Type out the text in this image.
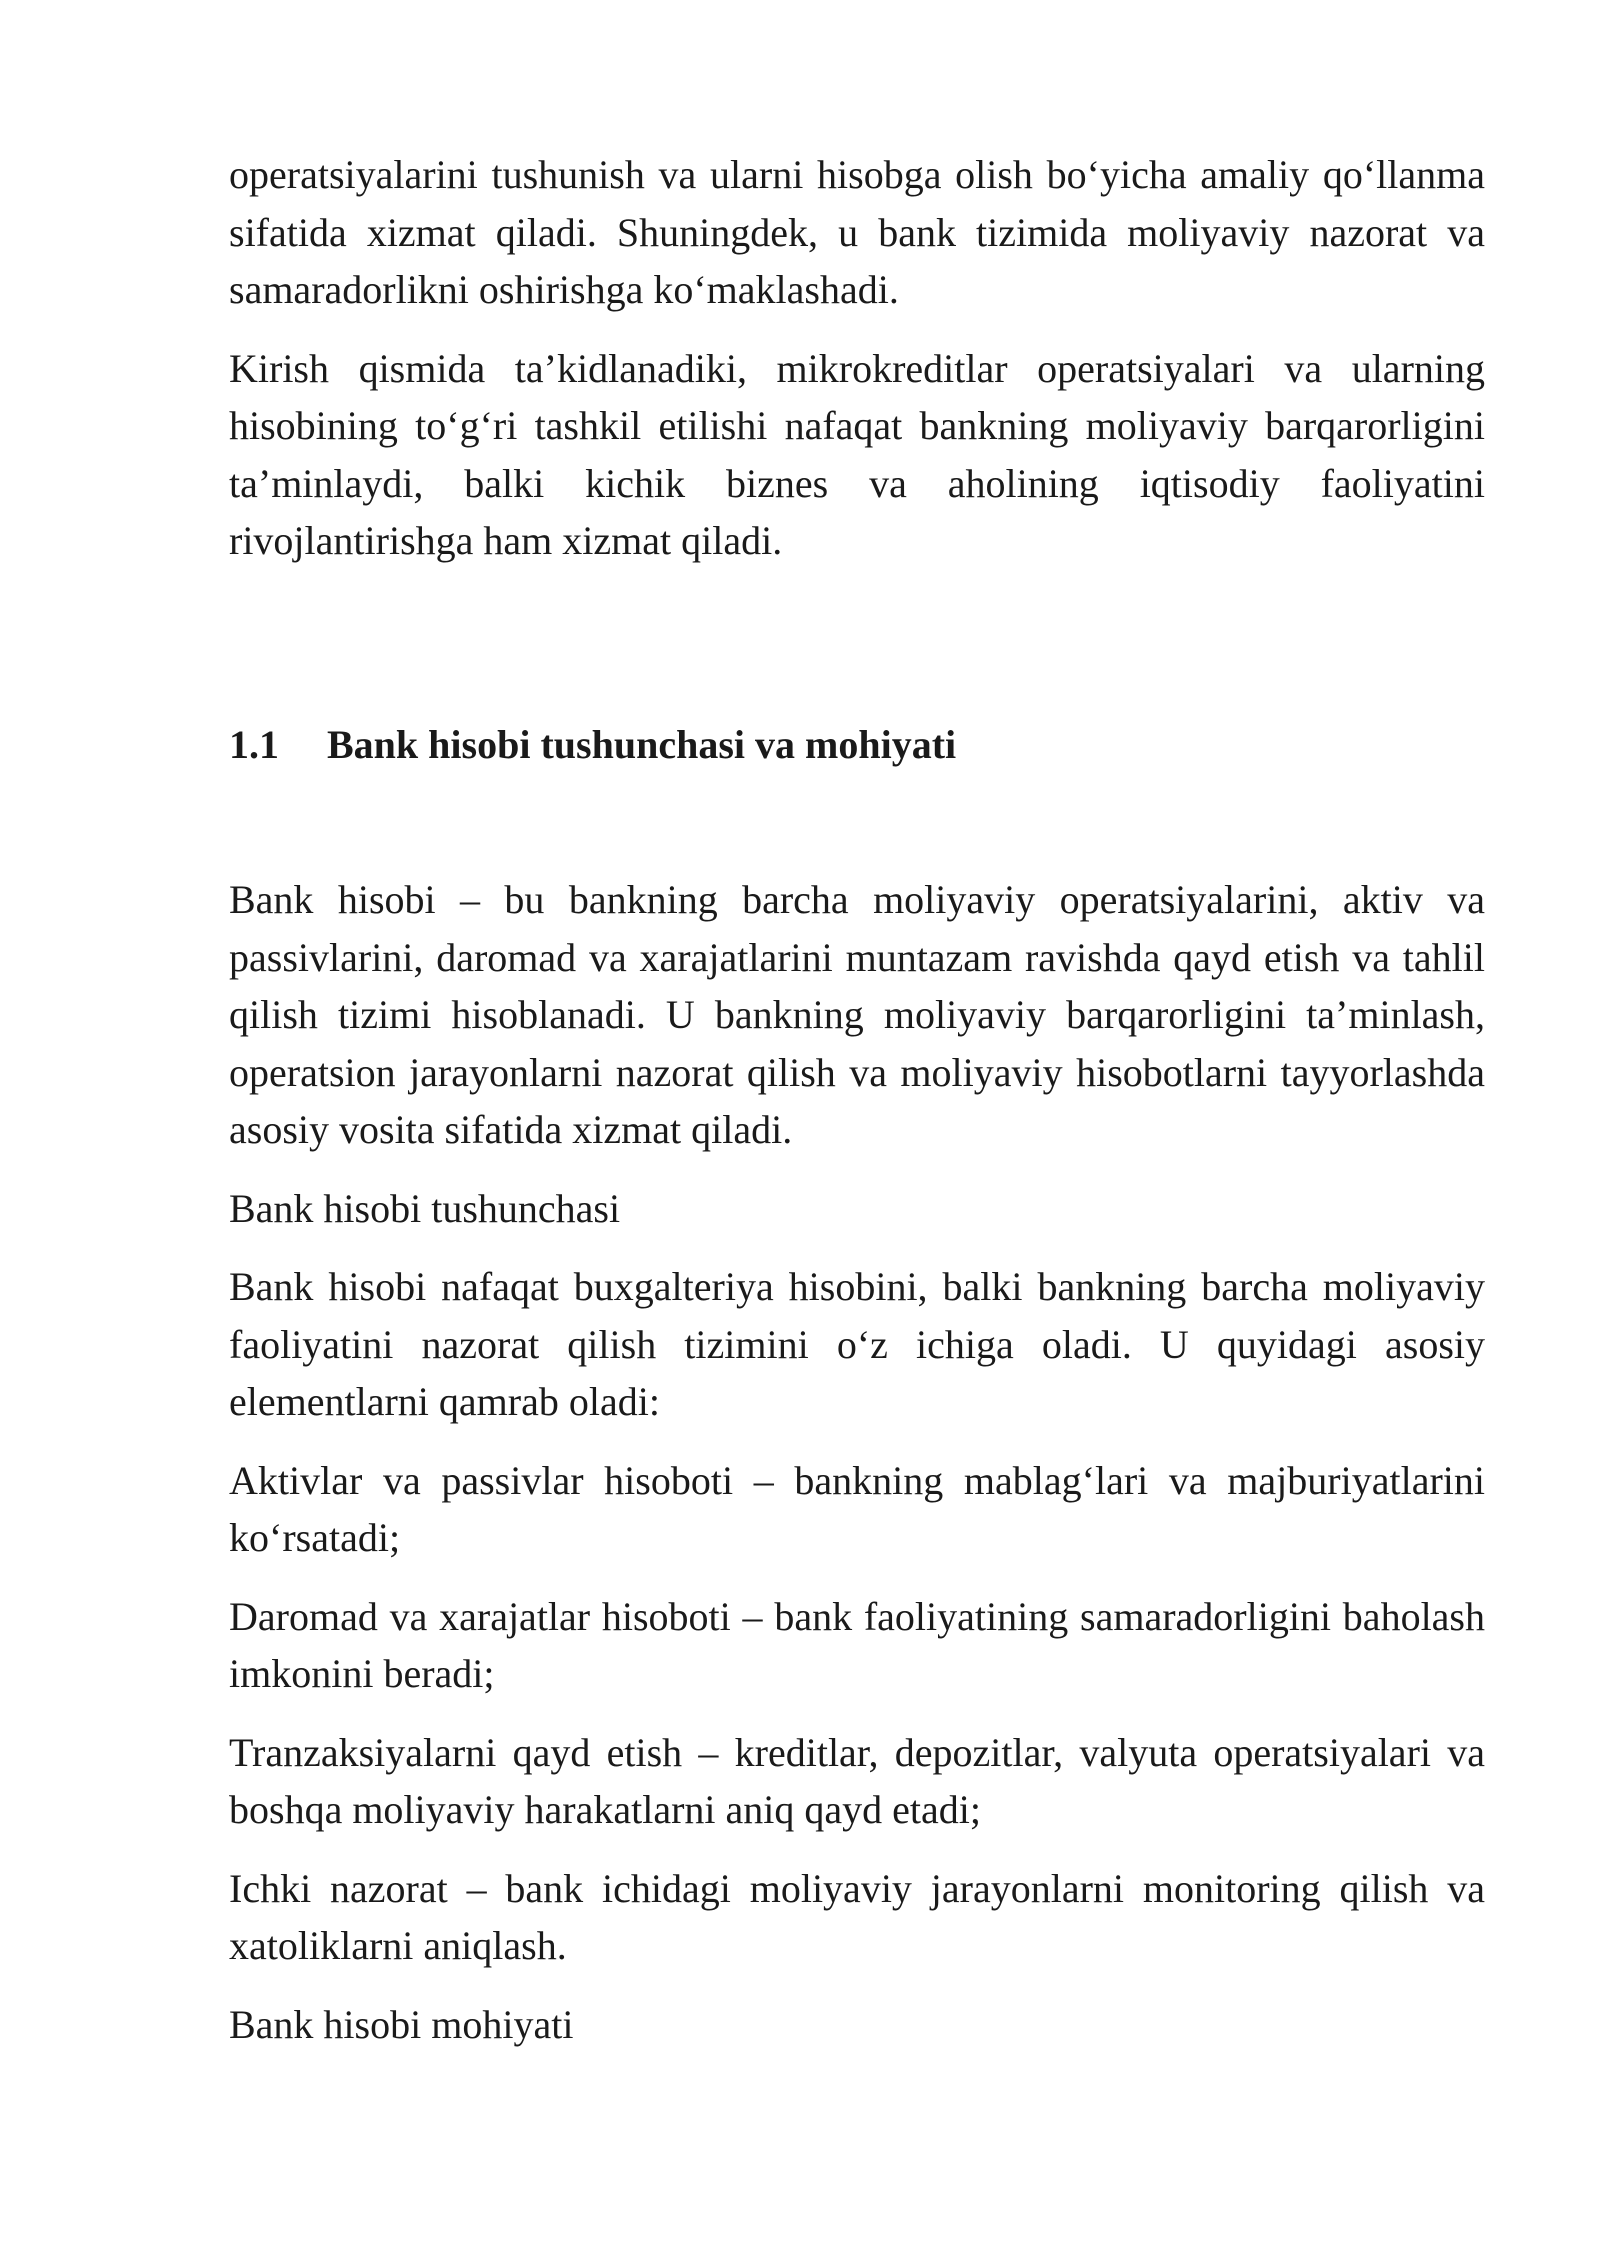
operatsiyalarini tushunish va ularni hisobga olish bo‘yicha amaliy qo‘llanma sifatida xizmat qiladi. Shuningdek, u bank tizimida moliyaviy nazorat va samaradorlikni oshirishga ko‘maklashadi.

Kirish qismida ta’kidlanadiki, mikrokreditlar operatsiyalari va ularning hisobining to‘g‘ri tashkil etilishi nafaqat bankning moliyaviy barqarorligini ta’minlaydi, balki kichik biznes va aholining iqtisodiy faoliyatini rivojlantirishga ham xizmat qiladi.

1.1	Bank hisobi tushunchasi va mohiyati

Bank hisobi – bu bankning barcha moliyaviy operatsiyalarini, aktiv va passivlarini, daromad va xarajatlarini muntazam ravishda qayd etish va tahlil qilish tizimi hisoblanadi. U bankning moliyaviy barqarorligini ta’minlash, operatsion jarayonlarni nazorat qilish va moliyaviy hisobotlarni tayyorlashda asosiy vosita sifatida xizmat qiladi.

Bank hisobi tushunchasi

Bank hisobi nafaqat buxgalteriya hisobini, balki bankning barcha moliyaviy faoliyatini nazorat qilish tizimini o‘z ichiga oladi. U quyidagi asosiy elementlarni qamrab oladi:

Aktivlar va passivlar hisoboti – bankning mablag‘lari va majburiyatlarini ko‘rsatadi;

Daromad va xarajatlar hisoboti – bank faoliyatining samaradorligini baholash imkonini beradi;

Tranzaksiyalarni qayd etish – kreditlar, depozitlar, valyuta operatsiyalari va boshqa moliyaviy harakatlarni aniq qayd etadi;

Ichki nazorat – bank ichidagi moliyaviy jarayonlarni monitoring qilish va xatoliklarni aniqlash.

Bank hisobi mohiyati
